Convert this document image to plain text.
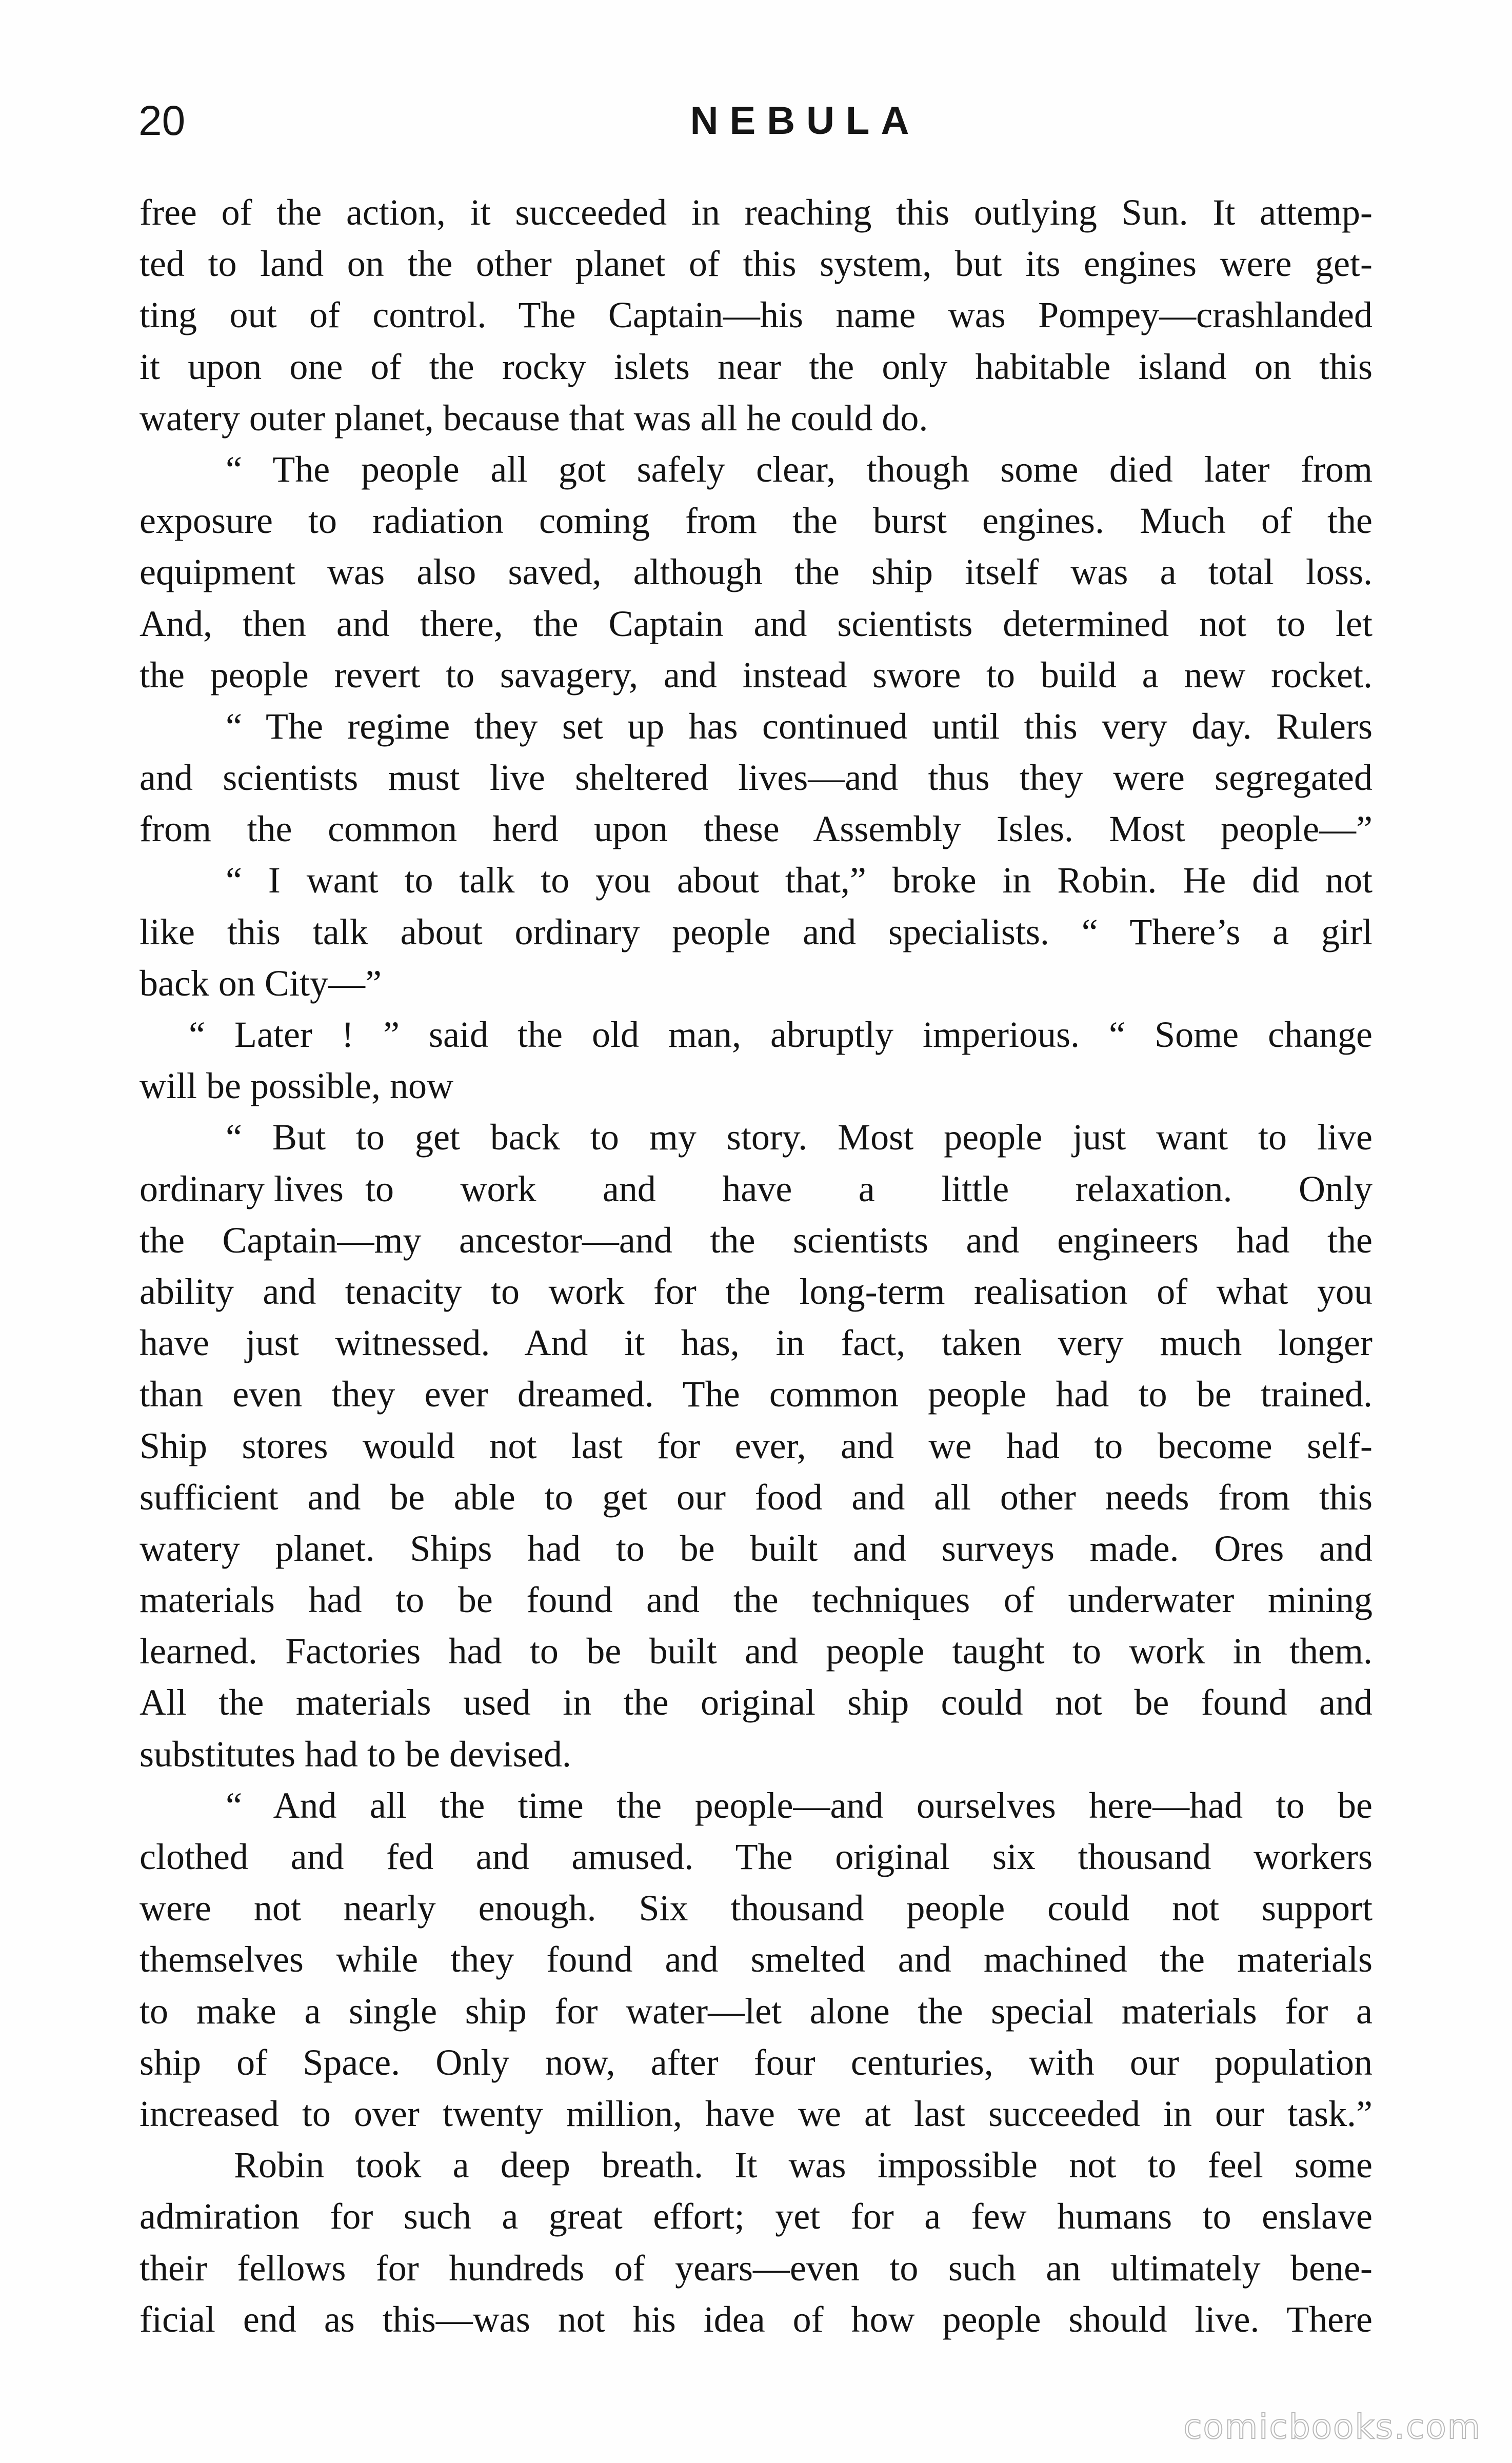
20	NEBULA
free of the action, it succeeded in reaching this outlying Sun. It attemp-
ted to land on the other planet of this system, but its engines were get-
ting out of control. The Captain—his name was Pompey—crashlanded
it upon one of the rocky islets near the only habitable island on this
watery outer planet, because that was all he could do.
“ The people all got safely clear, though some died later from
exposure to radiation coming from the burst engines. Much of the
equipment was also saved, although the ship itself was a total loss.
And, then and there, the Captain and scientists determined not to let
the people revert to savagery, and instead swore to build a new rocket.
“ The regime they set up has continued until this very day. Rulers
and scientists must live sheltered lives—and thus they were segregated
from the common herd upon these Assembly Isles. Most people—”
“ I want to talk to you about that,” broke in Robin. He did not
like this talk about ordinary people and specialists. “ There’s a girl
back on City—”
“ Later ! ” said the old man, abruptly imperious. “ Some change
will be possible, now
“ But to get back to my story. Most people just want to live
ordinary lives to work and have a little relaxation. Only
the Captain—my ancestor—and the scientists and engineers had the
ability and tenacity to work for the long-term realisation of what you
have just witnessed. And it has, in fact, taken very much longer
than even they ever dreamed. The common people had to be trained.
Ship stores would not last for ever, and we had to become self-
sufficient and be able to get our food and all other needs from this
watery planet. Ships had to be built and surveys made. Ores and
materials had to be found and the techniques of underwater mining
learned. Factories had to be built and people taught to work in them.
All the materials used in the original ship could not be found and
substitutes had to be devised.
“ And all the time the people—and ourselves here—had to be
clothed and fed and amused. The original six thousand workers
were not nearly enough. Six thousand people could not support
themselves while they found and smelted and machined the materials
to make a single ship for water—let alone the special materials for a
ship of Space. Only now, after four centuries, with our population
increased to over twenty million, have we at last succeeded in our task.”
Robin took a deep breath. It was impossible not to feel some
admiration for such a great effort; yet for a few humans to enslave
their fellows for hundreds of years—even to such an ultimately bene-
ficial end as this—was not his idea of how people should live. There
comicbooks.com
